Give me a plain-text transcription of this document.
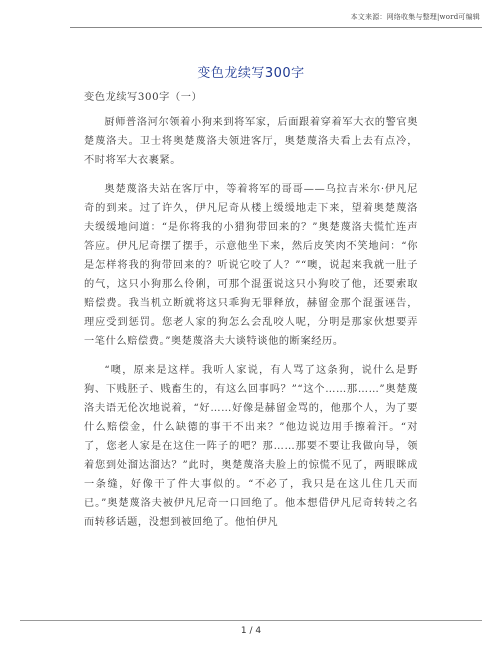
本文来源：网络收集与整理|word可编辑
变色龙续写300字

变色龙续写300字（一）

厨师普洛河尔领着小狗来到将军家，后面跟着穿着军大衣的警官奥楚蔑洛夫。卫士将奥楚蔑洛夫领进客厅，奥楚蔑洛夫看上去有点冷，不时将军大衣裹紧。

奥楚蔑洛夫站在客厅中，等着将军的哥哥——乌拉吉米尔·伊凡尼奇的到来。过了许久，伊凡尼奇从楼上缓缓地走下来，望着奥楚蔑洛夫缓缓地问道：“是你将我的小猎狗带回来的？”奥楚蔑洛夫慌忙连声答应。伊凡尼奇摆了摆手，示意他坐下来，然后皮笑肉不笑地问：“你是怎样将我的狗带回来的？听说它咬了人？”“噢，说起来我就一肚子的气，这只小狗那么伶俐，可那个混蛋说这只小狗咬了他，还要索取赔偿费。我当机立断就将这只乖狗无罪释放，赫留金那个混蛋诬告，理应受到惩罚。您老人家的狗怎么会乱咬人呢，分明是那家伙想要弄一笔什么赔偿费。”奥楚蔑洛夫大谈特谈他的断案经历。

“噢，原来是这样。我听人家说，有人骂了这条狗，说什么是野狗、下贱胚子、贱畜生的，有这么回事吗？”“这个……那……”奥楚蔑洛夫语无伦次地说着，“好……好像是赫留金骂的，他那个人，为了要什么赔偿金，什么缺德的事干不出来？”他边说边用手擦着汗。“对了，您老人家是在这住一阵子的吧？那……那要不要让我做向导，领着您到处溜达溜达？”此时，奥楚蔑洛夫脸上的惊慌不见了，两眼眯成一条缝，好像干了件大事似的。“不必了，我只是在这儿住几天而已。”奥楚蔑洛夫被伊凡尼奇一口回绝了。他本想借伊凡尼奇转转之名而转移话题，没想到被回绝了。他怕伊凡

1 / 4
